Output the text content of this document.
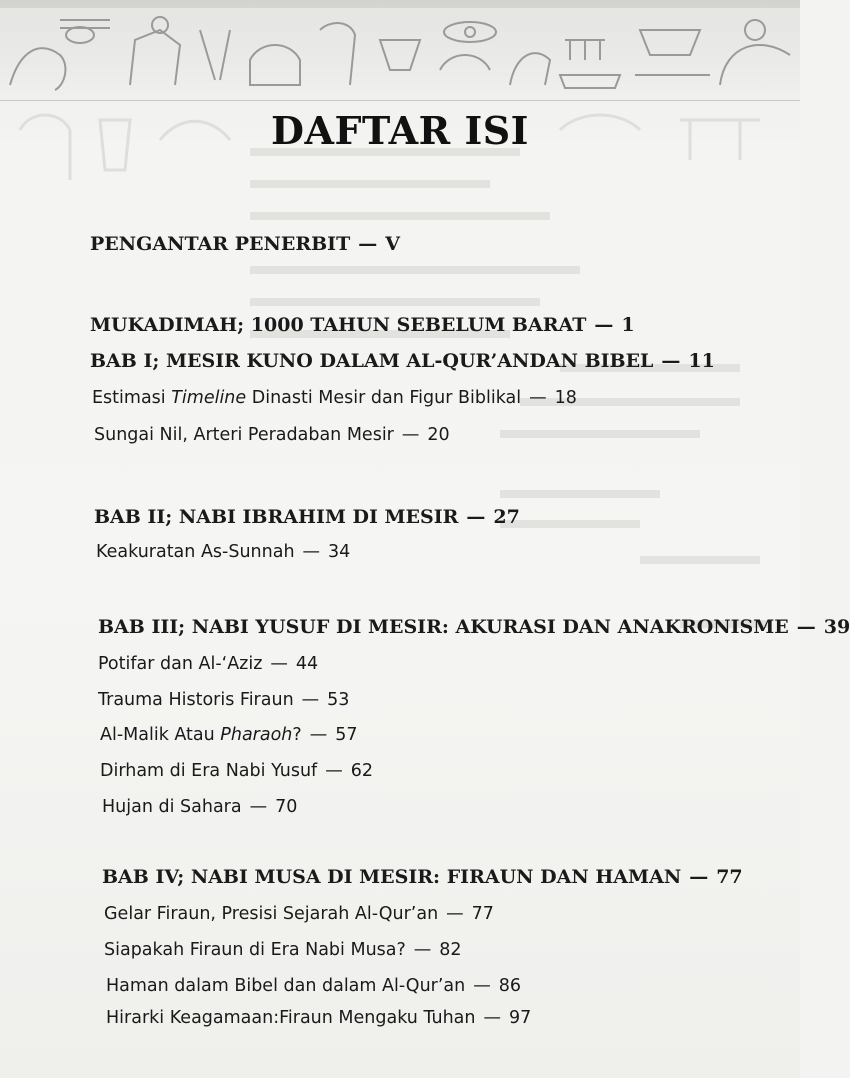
DAFTAR ISI
PENGANTAR PENERBIT — V
MUKADIMAH; 1000 TAHUN SEBELUM BARAT — 1
BAB I; MESIR KUNO DALAM AL-QUR’ANDAN BIBEL — 11
Estimasi Timeline Dinasti Mesir dan Figur Biblikal — 18
Sungai Nil, Arteri Peradaban Mesir — 20
BAB II; NABI IBRAHIM DI MESIR — 27
Keakuratan As-Sunnah — 34
BAB III; NABI YUSUF DI MESIR: AKURASI DAN ANAKRONISME — 39
Potifar dan Al-‘Aziz — 44
Trauma Historis Firaun — 53
Al-Malik Atau Pharaoh? — 57
Dirham di Era Nabi Yusuf — 62
Hujan di Sahara — 70
BAB IV; NABI MUSA DI MESIR: FIRAUN DAN HAMAN — 77
Gelar Firaun, Presisi Sejarah Al-Qur’an — 77
Siapakah Firaun di Era Nabi Musa? — 82
Haman dalam Bibel dan dalam Al-Qur’an — 86
Hirarki Keagamaan:Firaun Mengaku Tuhan — 97
